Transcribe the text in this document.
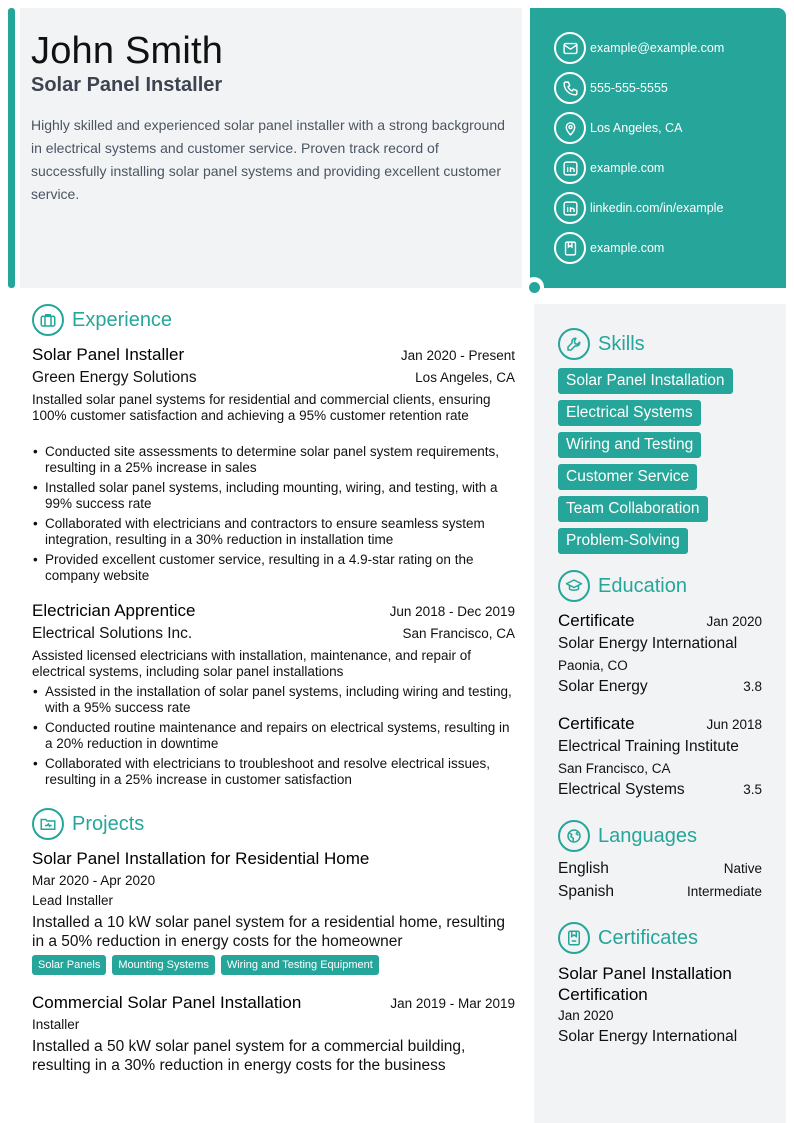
John Smith
Solar Panel Installer
Highly skilled and experienced solar panel installer with a strong background in electrical systems and customer service. Proven track record of successfully installing solar panel systems and providing excellent customer service.
example@example.com
555-555-5555
Los Angeles, CA
example.com
linkedin.com/in/example
example.com
Experience
Solar Panel Installer	Jan 2020 - Present
Green Energy Solutions	Los Angeles, CA
Installed solar panel systems for residential and commercial clients, ensuring 100% customer satisfaction and achieving a 95% customer retention rate
• Conducted site assessments to determine solar panel system requirements, resulting in a 25% increase in sales
• Installed solar panel systems, including mounting, wiring, and testing, with a 99% success rate
• Collaborated with electricians and contractors to ensure seamless system integration, resulting in a 30% reduction in installation time
• Provided excellent customer service, resulting in a 4.9-star rating on the company website
Electrician Apprentice	Jun 2018 - Dec 2019
Electrical Solutions Inc.	San Francisco, CA
Assisted licensed electricians with installation, maintenance, and repair of electrical systems, including solar panel installations
• Assisted in the installation of solar panel systems, including wiring and testing, with a 95% success rate
• Conducted routine maintenance and repairs on electrical systems, resulting in a 20% reduction in downtime
• Collaborated with electricians to troubleshoot and resolve electrical issues, resulting in a 25% increase in customer satisfaction
Projects
Solar Panel Installation for Residential Home
Mar 2020 - Apr 2020
Lead Installer
Installed a 10 kW solar panel system for a residential home, resulting in a 50% reduction in energy costs for the homeowner
Solar Panels	Mounting Systems	Wiring and Testing Equipment
Commercial Solar Panel Installation	Jan 2019 - Mar 2019
Installer
Installed a 50 kW solar panel system for a commercial building, resulting in a 30% reduction in energy costs for the business
Skills
Solar Panel Installation
Electrical Systems
Wiring and Testing
Customer Service
Team Collaboration
Problem-Solving
Education
Certificate	Jan 2020
Solar Energy International
Paonia, CO
Solar Energy	3.8
Certificate	Jun 2018
Electrical Training Institute
San Francisco, CA
Electrical Systems	3.5
Languages
English	Native
Spanish	Intermediate
Certificates
Solar Panel Installation Certification
Jan 2020
Solar Energy International
